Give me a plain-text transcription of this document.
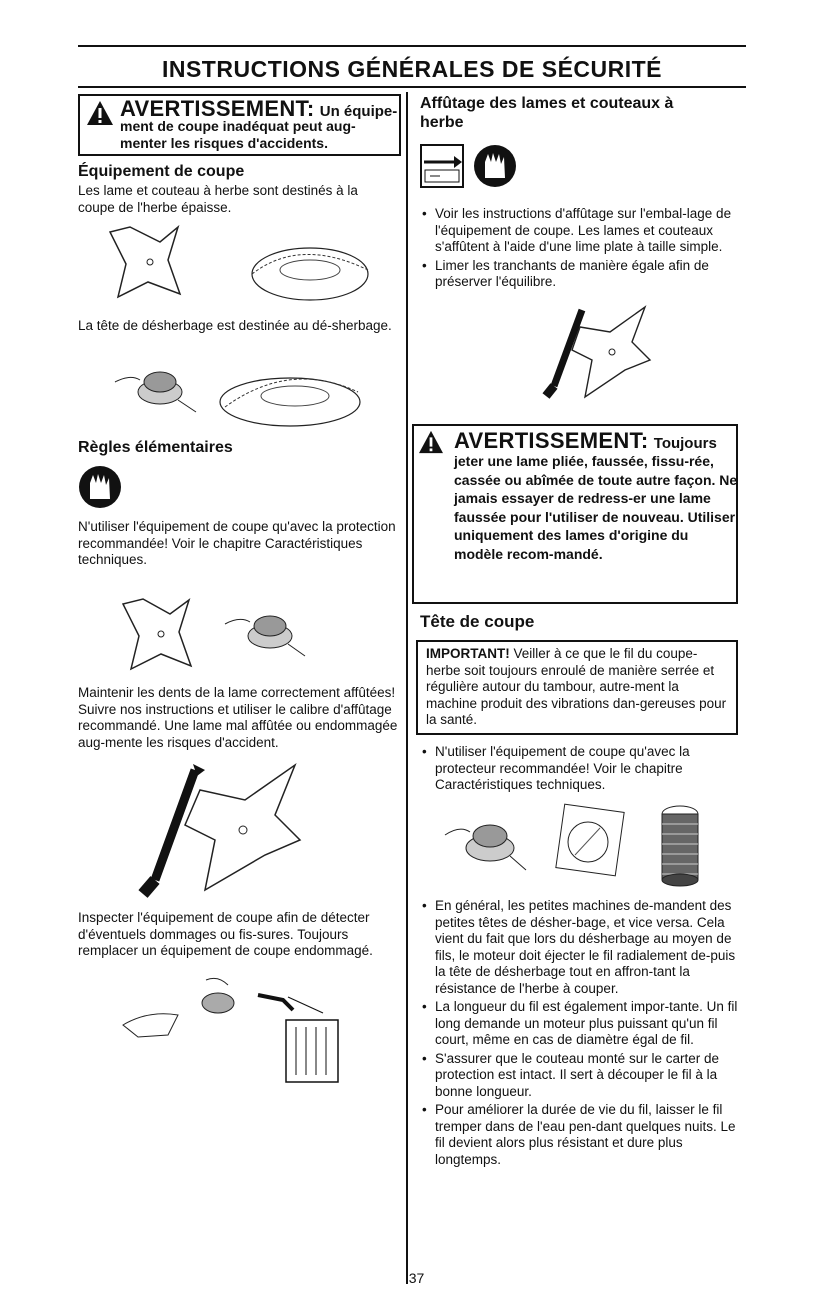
INSTRUCTIONS GÉNÉRALES DE SÉCURITÉ
AVERTISSEMENT: Un équipe-
ment de coupe inadéquat peut aug-menter les risques d'accidents.
Équipement de coupe
Les lame et couteau à herbe sont destinés à la coupe de l'herbe épaisse.
La tête de désherbage est destinée au dé-sherbage.
Règles élémentaires
N'utiliser l'équipement de coupe qu'avec la protection recommandée! Voir le chapitre Caractéristiques techniques.
Maintenir les dents de la lame correctement affûtées! Suivre nos instructions et utiliser le calibre d'affûtage recommandé. Une lame mal affûtée ou endommagée aug-mente les risques d'accident.
Inspecter l'équipement de coupe afin de détecter d'éventuels dommages ou fis-sures. Toujours remplacer un équipement de coupe endommagé.
Affûtage des lames et couteaux à herbe
• Voir les instructions d'affûtage sur l'embal-lage de l'équipement de coupe. Les lames et couteaux s'affûtent à l'aide d'une lime plate à taille simple.
• Limer les tranchants de manière égale afin de préserver l'équilibre.
AVERTISSEMENT: Toujours
jeter une lame pliée, faussée, fissu-rée, cassée ou abîmée de toute autre façon. Ne jamais essayer de redress-er une lame faussée pour l'utiliser de nouveau. Utiliser uniquement des lames d'origine du modèle recom-mandé.
Tête de coupe
IMPORTANT! Veiller à ce que le fil du coupe-herbe soit toujours enroulé de manière serrée et régulière autour du tambour, autre-ment la machine produit des vibrations dan-gereuses pour la santé.
• N'utiliser l'équipement de coupe qu'avec la protecteur recommandée! Voir le chapitre Caractéristiques techniques.
• En général, les petites machines de-mandent des petites têtes de désher-bage, et vice versa. Cela vient du fait que lors du désherbage au moyen de fils, le moteur doit éjecter le fil radialement de-puis la tête de désherbage tout en affron-tant la résistance de l'herbe à couper.
• La longueur du fil est également impor-tante. Un fil long demande un moteur plus puissant qu'un fil court, même en cas de diamètre égal de fil.
• S'assurer que le couteau monté sur le carter de protection est intact. Il sert à découper le fil à la bonne longueur.
• Pour améliorer la durée de vie du fil, laisser le fil tremper dans de l'eau pen-dant quelques nuits. Le fil devient alors plus résistant et dure plus longtemps.
37
